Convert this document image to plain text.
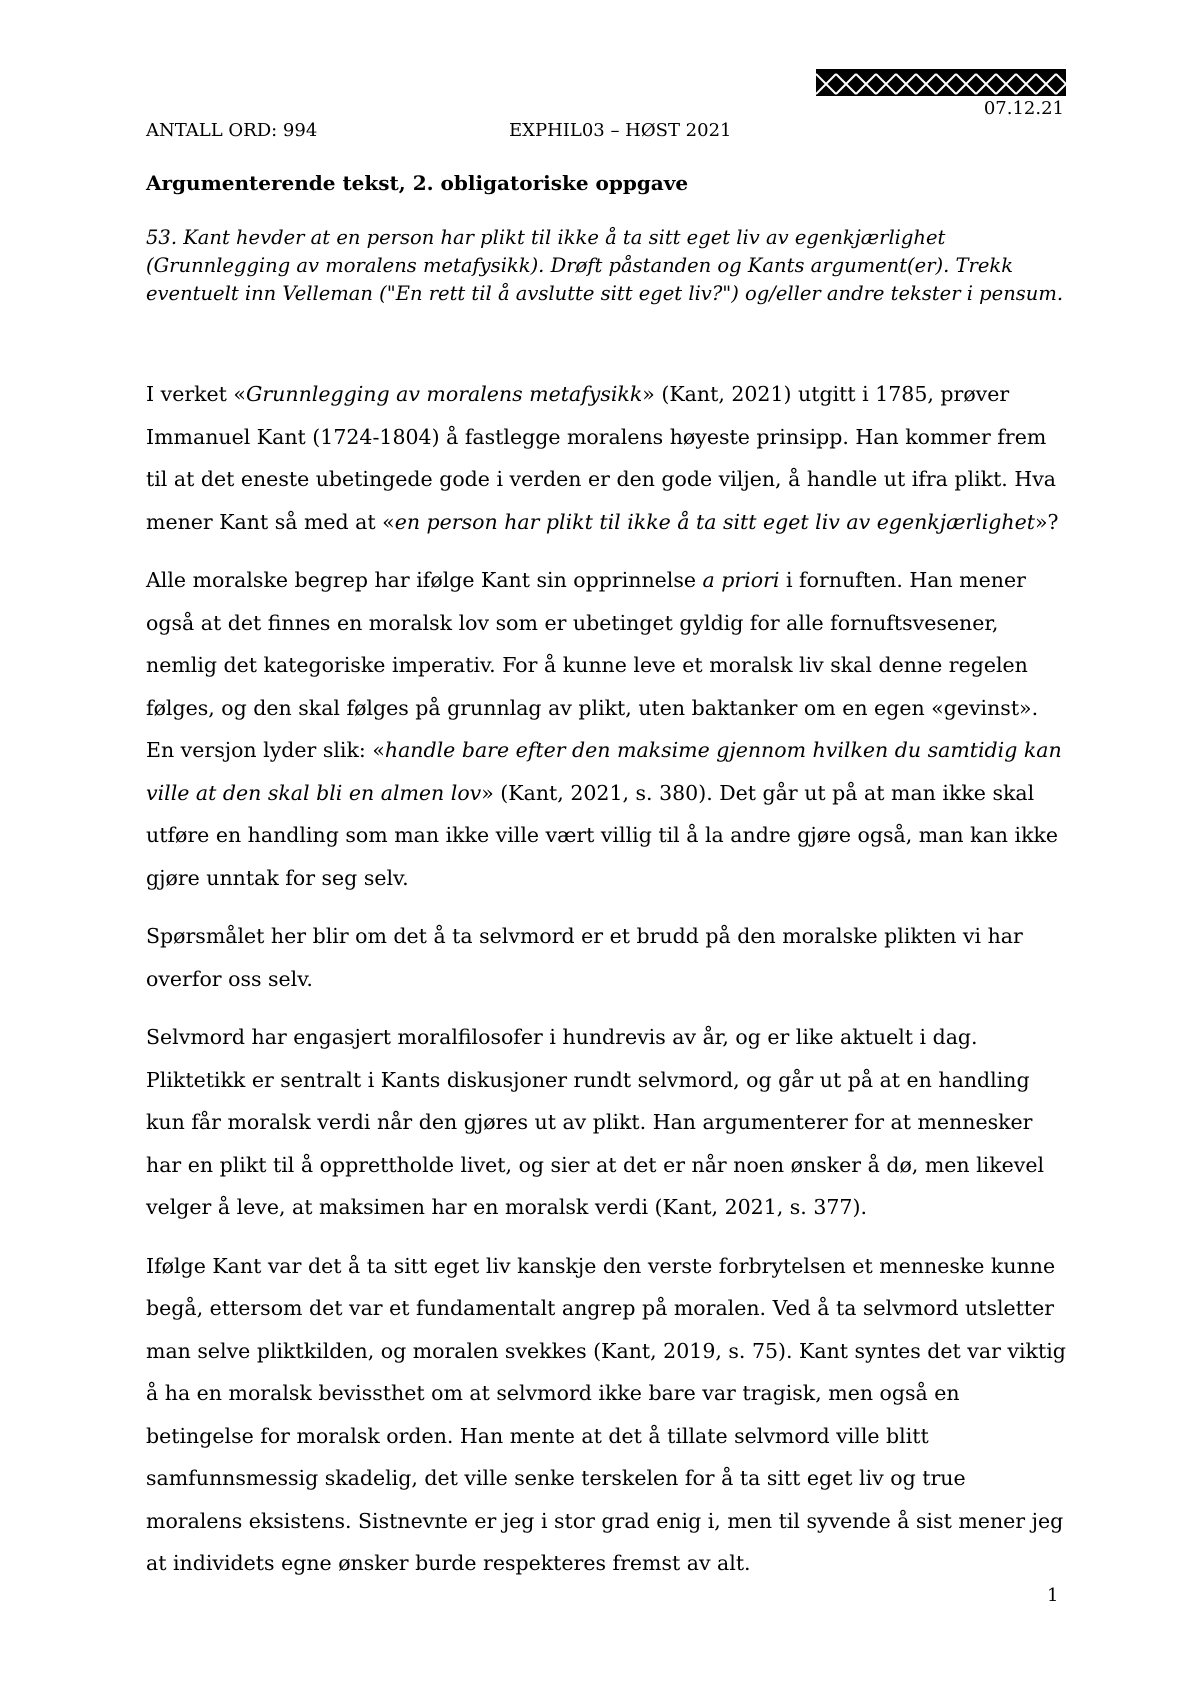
07.12.21
ANTALL ORD: 994	EXPHIL03 – HØST 2021
Argumenterende tekst, 2. obligatoriske oppgave
53. Kant hevder at en person har plikt til ikke å ta sitt eget liv av egenkjærlighet (Grunnlegging av moralens metafysikk). Drøft påstanden og Kants argument(er). Trekk eventuelt inn Velleman ("En rett til å avslutte sitt eget liv?") og/eller andre tekster i pensum.

I verket «Grunnlegging av moralens metafysikk» (Kant, 2021) utgitt i 1785, prøver Immanuel Kant (1724-1804) å fastlegge moralens høyeste prinsipp. Han kommer frem til at det eneste ubetingede gode i verden er den gode viljen, å handle ut ifra plikt. Hva mener Kant så med at «en person har plikt til ikke å ta sitt eget liv av egenkjærlighet»?

Alle moralske begrep har ifølge Kant sin opprinnelse a priori i fornuften. Han mener også at det finnes en moralsk lov som er ubetinget gyldig for alle fornuftsvesener, nemlig det kategoriske imperativ. For å kunne leve et moralsk liv skal denne regelen følges, og den skal følges på grunnlag av plikt, uten baktanker om en egen «gevinst». En versjon lyder slik: «handle bare efter den maksime gjennom hvilken du samtidig kan ville at den skal bli en almen lov» (Kant, 2021, s. 380). Det går ut på at man ikke skal utføre en handling som man ikke ville vært villig til å la andre gjøre også, man kan ikke gjøre unntak for seg selv.

Spørsmålet her blir om det å ta selvmord er et brudd på den moralske plikten vi har overfor oss selv.

Selvmord har engasjert moralfilosofer i hundrevis av år, og er like aktuelt i dag. Pliktetikk er sentralt i Kants diskusjoner rundt selvmord, og går ut på at en handling kun får moralsk verdi når den gjøres ut av plikt. Han argumenterer for at mennesker har en plikt til å opprettholde livet, og sier at det er når noen ønsker å dø, men likevel velger å leve, at maksimen har en moralsk verdi (Kant, 2021, s. 377).

Ifølge Kant var det å ta sitt eget liv kanskje den verste forbrytelsen et menneske kunne begå, ettersom det var et fundamentalt angrep på moralen. Ved å ta selvmord utsletter man selve pliktkilden, og moralen svekkes (Kant, 2019, s. 75). Kant syntes det var viktig å ha en moralsk bevissthet om at selvmord ikke bare var tragisk, men også en betingelse for moralsk orden. Han mente at det å tillate selvmord ville blitt samfunnsmessig skadelig, det ville senke terskelen for å ta sitt eget liv og true moralens eksistens. Sistnevnte er jeg i stor grad enig i, men til syvende å sist mener jeg at individets egne ønsker burde respekteres fremst av alt.

1
